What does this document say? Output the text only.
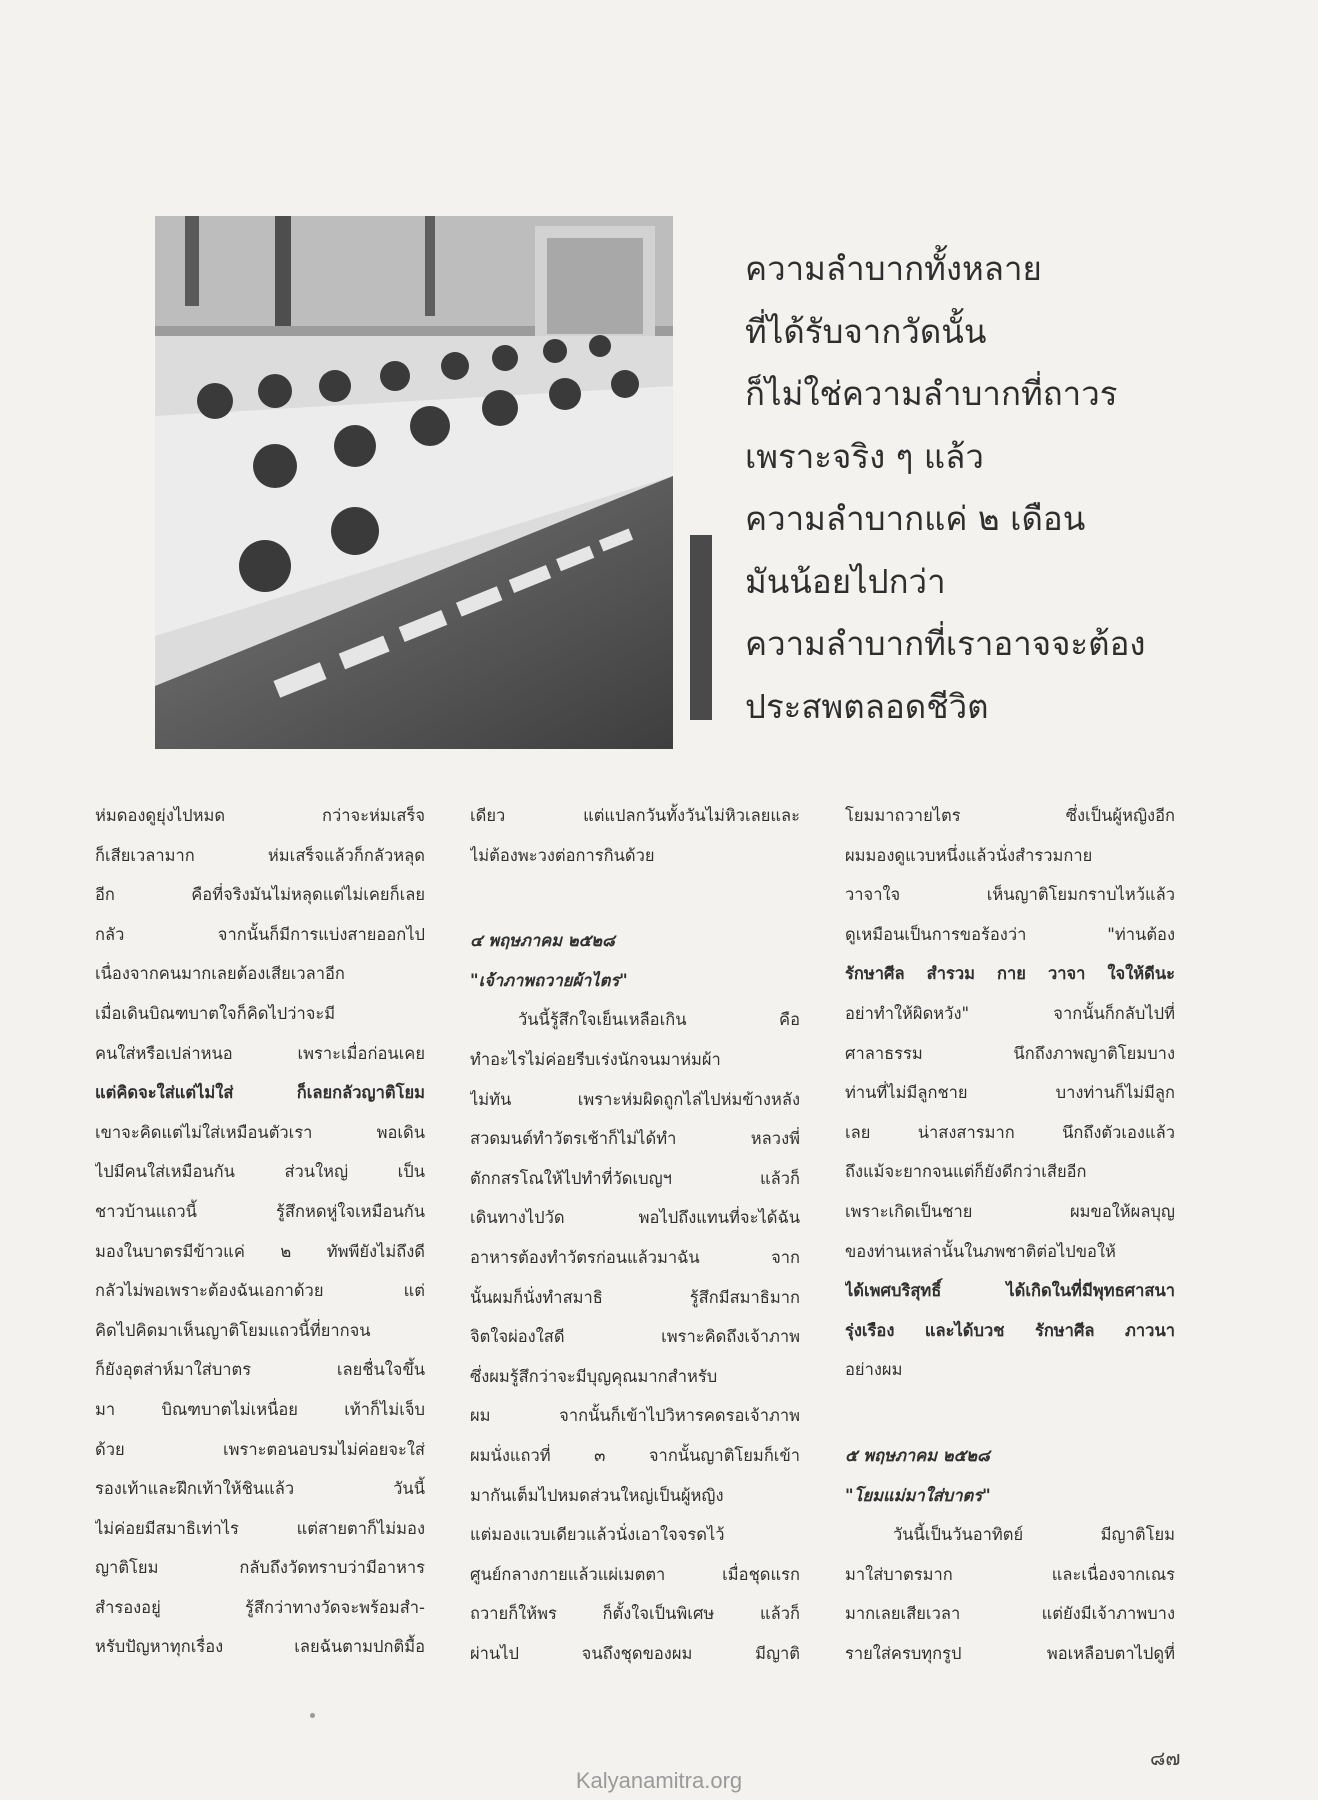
ความลำบากทั้งหลาย
ที่ได้รับจากวัดนั้น
ก็ไม่ใช่ความลำบากที่ถาวร
เพราะจริง ๆ แล้ว
ความลำบากแค่ ๒ เดือน
มันน้อยไปกว่า
ความลำบากที่เราอาจจะต้อง
ประสพตลอดชีวิต
ห่มดองดูยุ่งไปหมด กว่าจะห่มเสร็จ
ก็เสียเวลามาก ห่มเสร็จแล้วก็กลัวหลุด
อีก คือที่จริงมันไม่หลุดแต่ไม่เคยก็เลย
กลัว จากนั้นก็มีการแบ่งสายออกไป
เนื่องจากคนมากเลยต้องเสียเวลาอีก
เมื่อเดินบิณฑบาตใจก็คิดไปว่าจะมี
คนใส่หรือเปล่าหนอ เพราะเมื่อก่อนเคย
แต่คิดจะใส่แต่ไม่ใส่ ก็เลยกลัวญาติโยม
เขาจะคิดแต่ไม่ใส่เหมือนตัวเรา พอเดิน
ไปมีคนใส่เหมือนกัน ส่วนใหญ่ เป็น
ชาวบ้านแถวนี้ รู้สึกหดหู่ใจเหมือนกัน
มองในบาตรมีข้าวแค่ ๒ ทัพพียังไม่ถึงดี
กลัวไม่พอเพราะต้องฉันเอกาด้วย แต่
คิดไปคิดมาเห็นญาติโยมแถวนี้ที่ยากจน
ก็ยังอุตส่าห์มาใส่บาตร เลยชื่นใจขึ้น
มา บิณฑบาตไม่เหนื่อย เท้าก็ไม่เจ็บ
ด้วย เพราะตอนอบรมไม่ค่อยจะใส่
รองเท้าและฝึกเท้าให้ชินแล้ว วันนี้
ไม่ค่อยมีสมาธิเท่าไร แต่สายตาก็ไม่มอง
ญาติโยม กลับถึงวัดทราบว่ามีอาหาร
สำรองอยู่ รู้สึกว่าทางวัดจะพร้อมสำ-
หรับปัญหาทุกเรื่อง เลยฉันตามปกติมื้อ
เดียว แต่แปลกวันทั้งวันไม่หิวเลยและ
ไม่ต้องพะวงต่อการกินด้วย
๔ พฤษภาคม ๒๕๒๘
"เจ้าภาพถวายผ้าไตร"
วันนี้รู้สึกใจเย็นเหลือเกิน คือ
ทำอะไรไม่ค่อยรีบเร่งนักจนมาห่มผ้า
ไม่ทัน เพราะห่มผิดถูกไล่ไปห่มข้างหลัง
สวดมนต์ทำวัตรเช้าก็ไม่ได้ทำ หลวงพี่
ตักกสรโณให้ไปทำที่วัดเบญฯ แล้วก็
เดินทางไปวัด พอไปถึงแทนที่จะได้ฉัน
อาหารต้องทำวัตรก่อนแล้วมาฉัน จาก
นั้นผมก็นั่งทำสมาธิ รู้สึกมีสมาธิมาก
จิตใจผ่องใสดี เพราะคิดถึงเจ้าภาพ
ซึ่งผมรู้สึกว่าจะมีบุญคุณมากสำหรับ
ผม จากนั้นก็เข้าไปวิหารคดรอเจ้าภาพ
ผมนั่งแถวที่ ๓ จากนั้นญาติโยมก็เข้า
มากันเต็มไปหมดส่วนใหญ่เป็นผู้หญิง
แต่มองแวบเดียวแล้วนั่งเอาใจจรดไว้
ศูนย์กลางกายแล้วแผ่เมตตา เมื่อชุดแรก
ถวายก็ให้พร ก็ตั้งใจเป็นพิเศษ แล้วก็
ผ่านไป จนถึงชุดของผม มีญาติ
โยมมาถวายไตร ซึ่งเป็นผู้หญิงอีก
ผมมองดูแวบหนึ่งแล้วนั่งสำรวมกาย
วาจาใจ เห็นญาติโยมกราบไหว้แล้ว
ดูเหมือนเป็นการขอร้องว่า "ท่านต้อง
รักษาศีล สำรวม กาย วาจา ใจให้ดีนะ
อย่าทำให้ผิดหวัง" จากนั้นก็กลับไปที่
ศาลาธรรม นึกถึงภาพญาติโยมบาง
ท่านที่ไม่มีลูกชาย บางท่านก็ไม่มีลูก
เลย น่าสงสารมาก นึกถึงตัวเองแล้ว
ถึงแม้จะยากจนแต่ก็ยังดีกว่าเสียอีก
เพราะเกิดเป็นชาย ผมขอให้ผลบุญ
ของท่านเหล่านั้นในภพชาติต่อไปขอให้
ได้เพศบริสุทธิ์ ได้เกิดในที่มีพุทธศาสนา
รุ่งเรือง และได้บวช รักษาศีล ภาวนา
อย่างผม
๕ พฤษภาคม ๒๕๒๘
"โยมแม่มาใส่บาตร"
วันนี้เป็นวันอาทิตย์ มีญาติโยม
มาใส่บาตรมาก และเนื่องจากเณร
มากเลยเสียเวลา แต่ยังมีเจ้าภาพบาง
รายใส่ครบทุกรูป พอเหลือบตาไปดูที่
๘๗
Kalyanamitra.org
